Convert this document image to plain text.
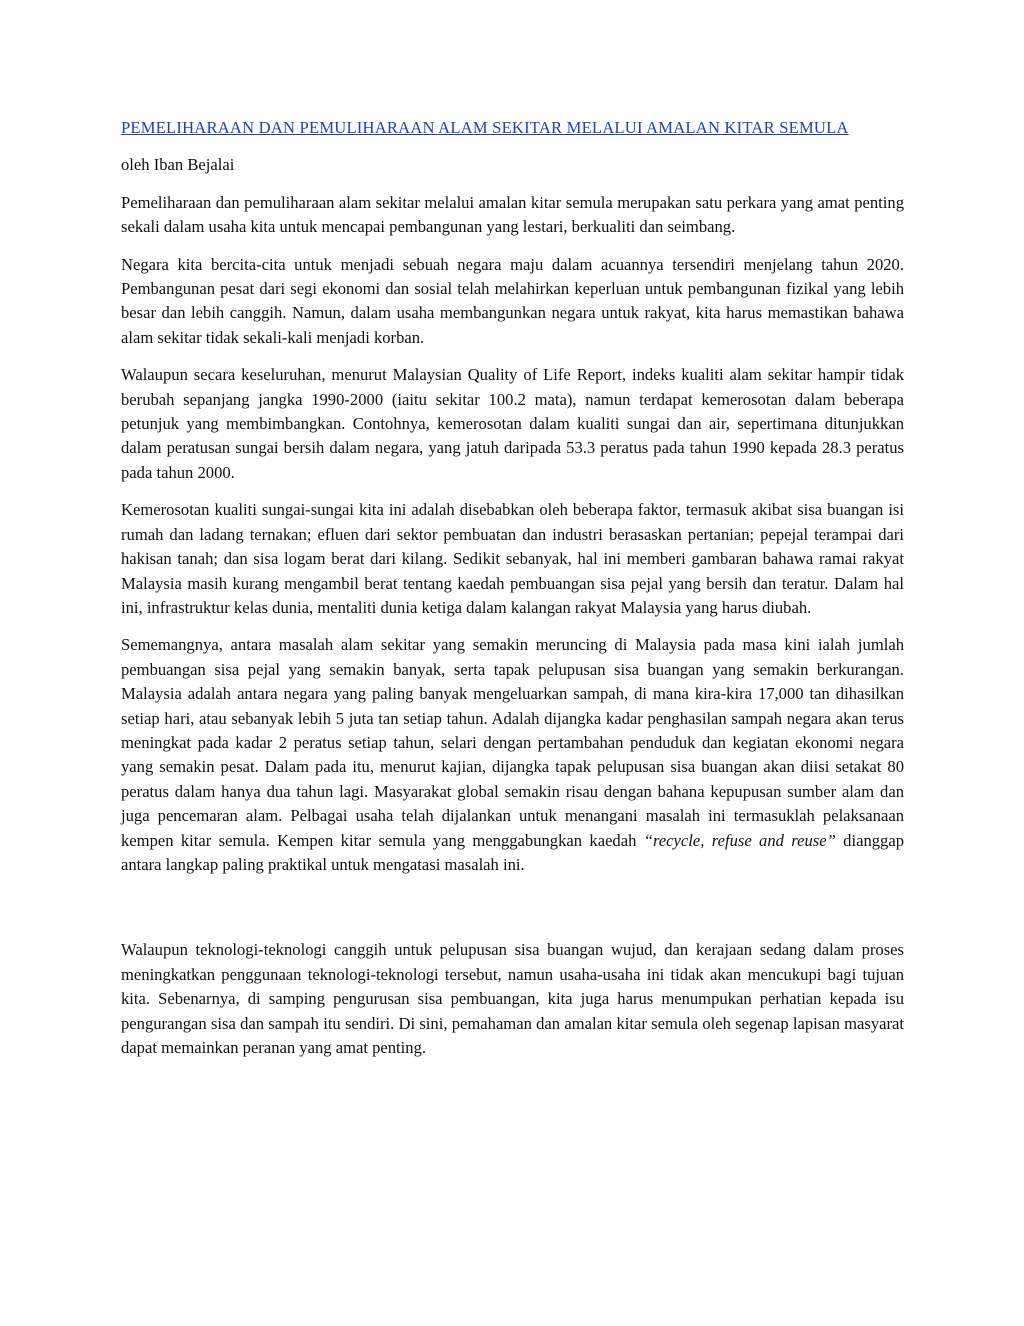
PEMELIHARAAN DAN PEMULIHARAAN ALAM SEKITAR MELALUI AMALAN KITAR SEMULA
oleh Iban Bejalai

Pemeliharaan dan pemuliharaan alam sekitar melalui amalan kitar semula merupakan satu perkara yang amat penting sekali dalam usaha kita untuk mencapai pembangunan yang lestari, berkualiti dan seimbang.

Negara kita bercita-cita untuk menjadi sebuah negara maju dalam acuannya tersendiri menjelang tahun 2020. Pembangunan pesat dari segi ekonomi dan sosial telah melahirkan keperluan untuk pembangunan fizikal yang lebih besar dan lebih canggih. Namun, dalam usaha membangunkan negara untuk rakyat, kita harus memastikan bahawa alam sekitar tidak sekali-kali menjadi korban.

Walaupun secara keseluruhan, menurut Malaysian Quality of Life Report, indeks kualiti alam sekitar hampir tidak berubah sepanjang jangka 1990-2000 (iaitu sekitar 100.2 mata), namun terdapat kemerosotan dalam beberapa petunjuk yang membimbangkan. Contohnya, kemerosotan dalam kualiti sungai dan air, sepertimana ditunjukkan dalam peratusan sungai bersih dalam negara, yang jatuh daripada 53.3 peratus pada tahun 1990 kepada 28.3 peratus pada tahun 2000.

Kemerosotan kualiti sungai-sungai kita ini adalah disebabkan oleh beberapa faktor, termasuk akibat sisa buangan isi rumah dan ladang ternakan; efluen dari sektor pembuatan dan industri berasaskan pertanian; pepejal terampai dari hakisan tanah; dan sisa logam berat dari kilang. Sedikit sebanyak, hal ini memberi gambaran bahawa ramai rakyat Malaysia masih kurang mengambil berat tentang kaedah pembuangan sisa pejal yang bersih dan teratur. Dalam hal ini, infrastruktur kelas dunia, mentaliti dunia ketiga dalam kalangan rakyat Malaysia yang harus diubah.

Sememangnya, antara masalah alam sekitar yang semakin meruncing di Malaysia pada masa kini ialah jumlah pembuangan sisa pejal yang semakin banyak, serta tapak pelupusan sisa buangan yang semakin berkurangan. Malaysia adalah antara negara yang paling banyak mengeluarkan sampah, di mana kira-kira 17,000 tan dihasilkan setiap hari, atau sebanyak lebih 5 juta tan setiap tahun. Adalah dijangka kadar penghasilan sampah negara akan terus meningkat pada kadar 2 peratus setiap tahun, selari dengan pertambahan penduduk dan kegiatan ekonomi negara yang semakin pesat. Dalam pada itu, menurut kajian, dijangka tapak pelupusan sisa buangan akan diisi setakat 80 peratus dalam hanya dua tahun lagi. Masyarakat global semakin risau dengan bahana kepupusan sumber alam dan juga pencemaran alam. Pelbagai usaha telah dijalankan untuk menangani masalah ini termasuklah pelaksanaan kempen kitar semula. Kempen kitar semula yang menggabungkan kaedah “recycle, refuse and reuse” dianggap antara langkap paling praktikal untuk mengatasi masalah ini.

Walaupun teknologi-teknologi canggih untuk pelupusan sisa buangan wujud, dan kerajaan sedang dalam proses meningkatkan penggunaan teknologi-teknologi tersebut, namun usaha-usaha ini tidak akan mencukupi bagi tujuan kita. Sebenarnya, di samping pengurusan sisa pembuangan, kita juga harus menumpukan perhatian kepada isu pengurangan sisa dan sampah itu sendiri. Di sini, pemahaman dan amalan kitar semula oleh segenap lapisan masyarat dapat memainkan peranan yang amat penting.
